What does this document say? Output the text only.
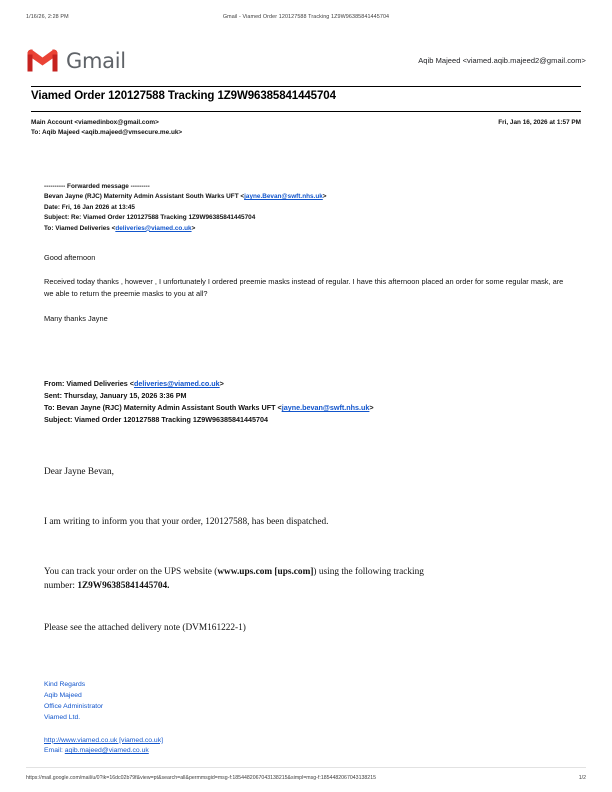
1/16/26, 2:28 PM	Gmail - Viamed Order 120127588 Tracking 1Z9W96385841445704
Gmail	Aqib Majeed <viamed.aqib.majeed2@gmail.com>
Viamed Order 120127588 Tracking 1Z9W96385841445704
Main Account <viamedinbox@gmail.com>	Fri, Jan 16, 2026 at 1:57 PM
To: Aqib Majeed <aqib.majeed@vmsecure.me.uk>
---------- Forwarded message ---------
Bevan Jayne (RJC) Maternity Admin Assistant South Warks UFT <jayne.Bevan@swft.nhs.uk>
Date: Fri, 16 Jan 2026 at 13:45
Subject: Re: Viamed Order 120127588 Tracking 1Z9W96385841445704
To: Viamed Deliveries <deliveries@viamed.co.uk>

Good afternoon

Received today thanks , however , I unfortunately I ordered preemie masks instead of regular. I have this afternoon placed an order for some regular mask, are we able to return the preemie masks to you at all?

Many thanks Jayne

From: Viamed Deliveries <deliveries@viamed.co.uk>
Sent: Thursday, January 15, 2026 3:36 PM
To: Bevan Jayne (RJC) Maternity Admin Assistant South Warks UFT <jayne.bevan@swft.nhs.uk>
Subject: Viamed Order 120127588 Tracking 1Z9W96385841445704

Dear Jayne Bevan,

I am writing to inform you that your order, 120127588, has been dispatched.

You can track your order on the UPS website (www.ups.com [ups.com]) using the following tracking

number: 1Z9W96385841445704.

Please see the attached delivery note (DVM161222-1)

Kind Regards
Aqib Majeed
Office Administrator
Viamed Ltd.
http://www.viamed.co.uk [viamed.co.uk]
Email: aqib.majeed@viamed.co.uk
https://mail.google.com/mail/u/0?ik=16dc02b79f&view=pt&search=all&permmsgid=msg-f:1854482067043138215&simpl=msg-f:1854482067043138215	1/2
